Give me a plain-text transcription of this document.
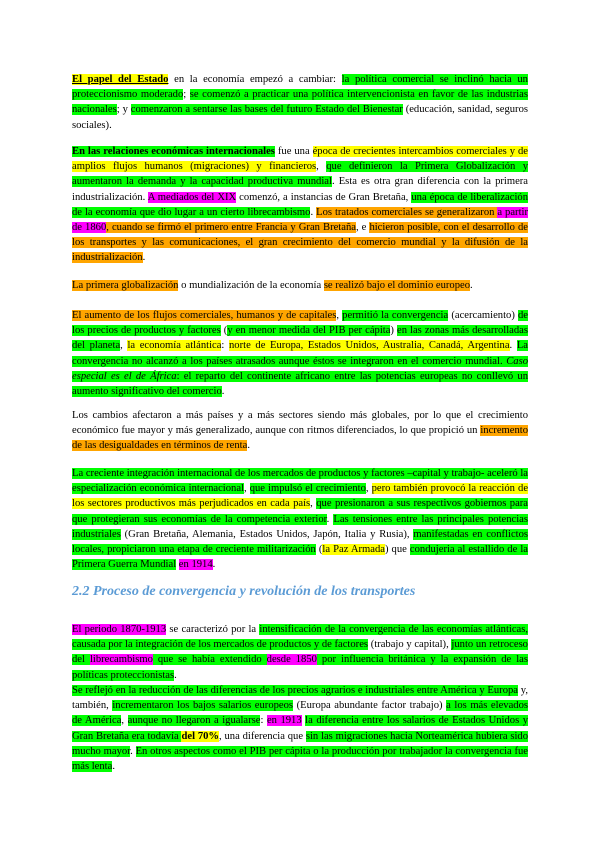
El papel del Estado en la economía empezó a cambiar: la política comercial se inclinó hacia un proteccionismo moderado; se comenzó a practicar una política intervencionista en favor de las industrias nacionales; y comenzaron a sentarse las bases del futuro Estado del Bienestar (educación, sanidad, seguros sociales).

En las relaciones económicas internacionales fue una época de crecientes intercambios comerciales y de amplios flujos humanos (migraciones) y financieros, que definieron la Primera Globalización y aumentaron la demanda y la capacidad productiva mundial. Esta es otra gran diferencia con la primera industrialización. A mediados del XIX comenzó, a instancias de Gran Bretaña, una época de liberalización de la economía que dio lugar a un cierto librecambismo. Los tratados comerciales se generalizaron a partir de 1860, cuando se firmó el primero entre Francia y Gran Bretaña, e hicieron posible, con el desarrollo de los transportes y las comunicaciones, el gran crecimiento del comercio mundial y la difusión de la industrialización.

La primera globalización o mundialización de la economía se realizó bajo el dominio europeo.

El aumento de los flujos comerciales, humanos y de capitales, permitió la convergencia (acercamiento) de los precios de productos y factores (y en menor medida del PIB per cápita) en las zonas más desarrolladas del planeta, la economía atlántica: norte de Europa, Estados Unidos, Australia, Canadá, Argentina. La convergencia no alcanzó a los países atrasados aunque éstos se integraron en el comercio mundial. Caso especial es el de África: el reparto del continente africano entre las potencias europeas no conllevó un aumento significativo del comercio.

Los cambios afectaron a más países y a más sectores siendo más globales, por lo que el crecimiento económico fue mayor y más generalizado, aunque con ritmos diferenciados, lo que propició un incremento de las desigualdades en términos de renta.

La creciente integración internacional de los mercados de productos y factores –capital y trabajo- aceleró la especialización económica internacional, que impulsó el crecimiento, pero también provocó la reacción de los sectores productivos más perjudicados en cada país, que presionaron a sus respectivos gobiernos para que protegieran sus economías de la competencia exterior. Las tensiones entre las principales potencias industriales (Gran Bretaña, Alemania, Estados Unidos, Japón, Italia y Rusia), manifestadas en conflictos locales, propiciaron una etapa de creciente militarización (la Paz Armada) que condujeria al estallido de la Primera Guerra Mundial en 1914.

2.2 Proceso de convergencia y revolución de los transportes

El periodo 1870-1913 se caracterizó por la intensificación de la convergencia de las economías atlánticas, causada por la integración de los mercados de productos y de factores (trabajo y capital), junto un retroceso del librecambismo que se había extendido desde 1850 por influencia británica y la expansión de las políticas proteccionistas.

Se reflejó en la reducción de las diferencias de los precios agrarios e industriales entre América y Europa y, también, incrementaron los bajos salarios europeos (Europa abundante factor trabajo) a los más elevados de América, aunque no llegaron a igualarse: en 1913 la diferencia entre los salarios de Estados Unidos y Gran Bretaña era todavía del 70%, una diferencia que sin las migraciones hacia Norteamérica hubiera sido mucho mayor. En otros aspectos como el PIB per cápita o la producción por trabajador la convergencia fue más lenta.
